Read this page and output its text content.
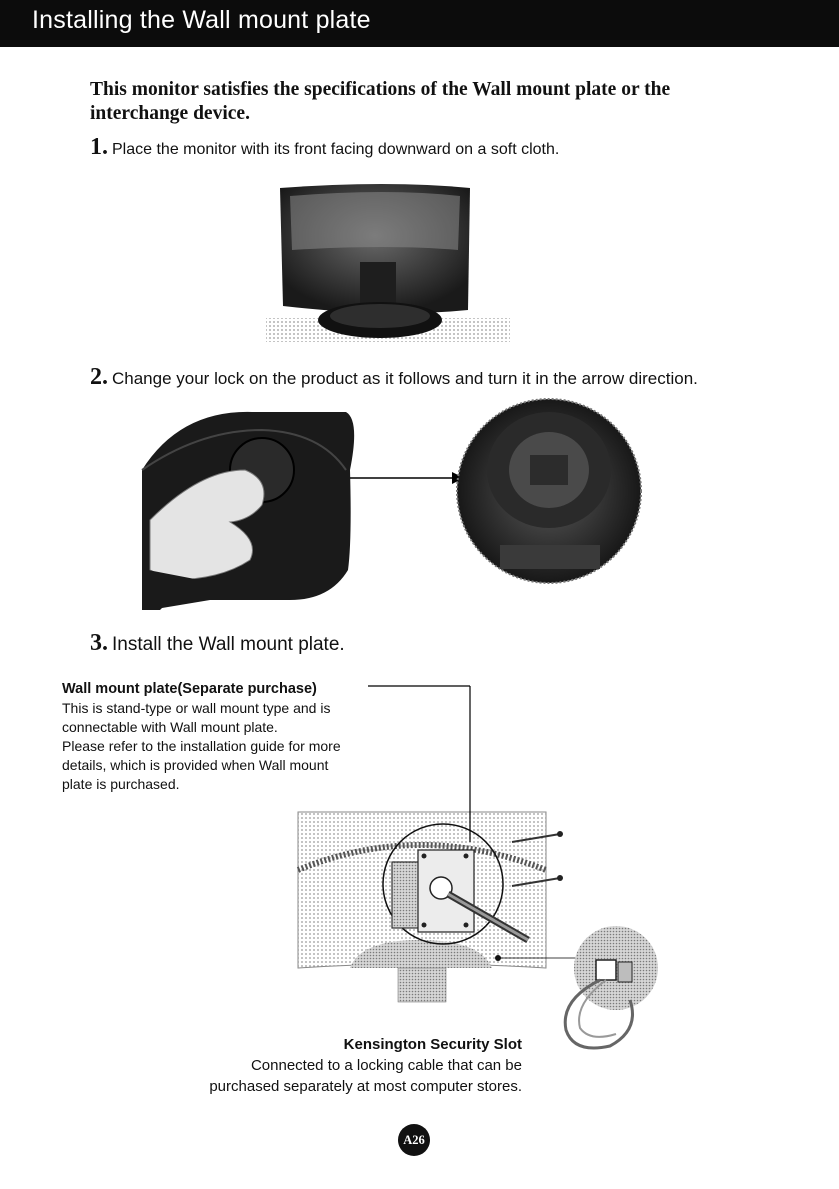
Installing the Wall mount plate
This monitor satisfies the specifications of the Wall mount plate or the interchange device.
1. Place the monitor with its front facing downward on a soft cloth.
2. Change your lock on the product as it follows and turn it in the arrow direction.
3. Install the Wall mount plate.
Wall mount plate(Separate purchase)
This is stand-type or wall mount type and is
connectable with Wall mount plate.
Please refer to the installation guide for more
details, which is provided when Wall mount
plate is purchased.
Kensington Security Slot
Connected to a locking cable that can be
purchased separately at most computer stores.
A26
